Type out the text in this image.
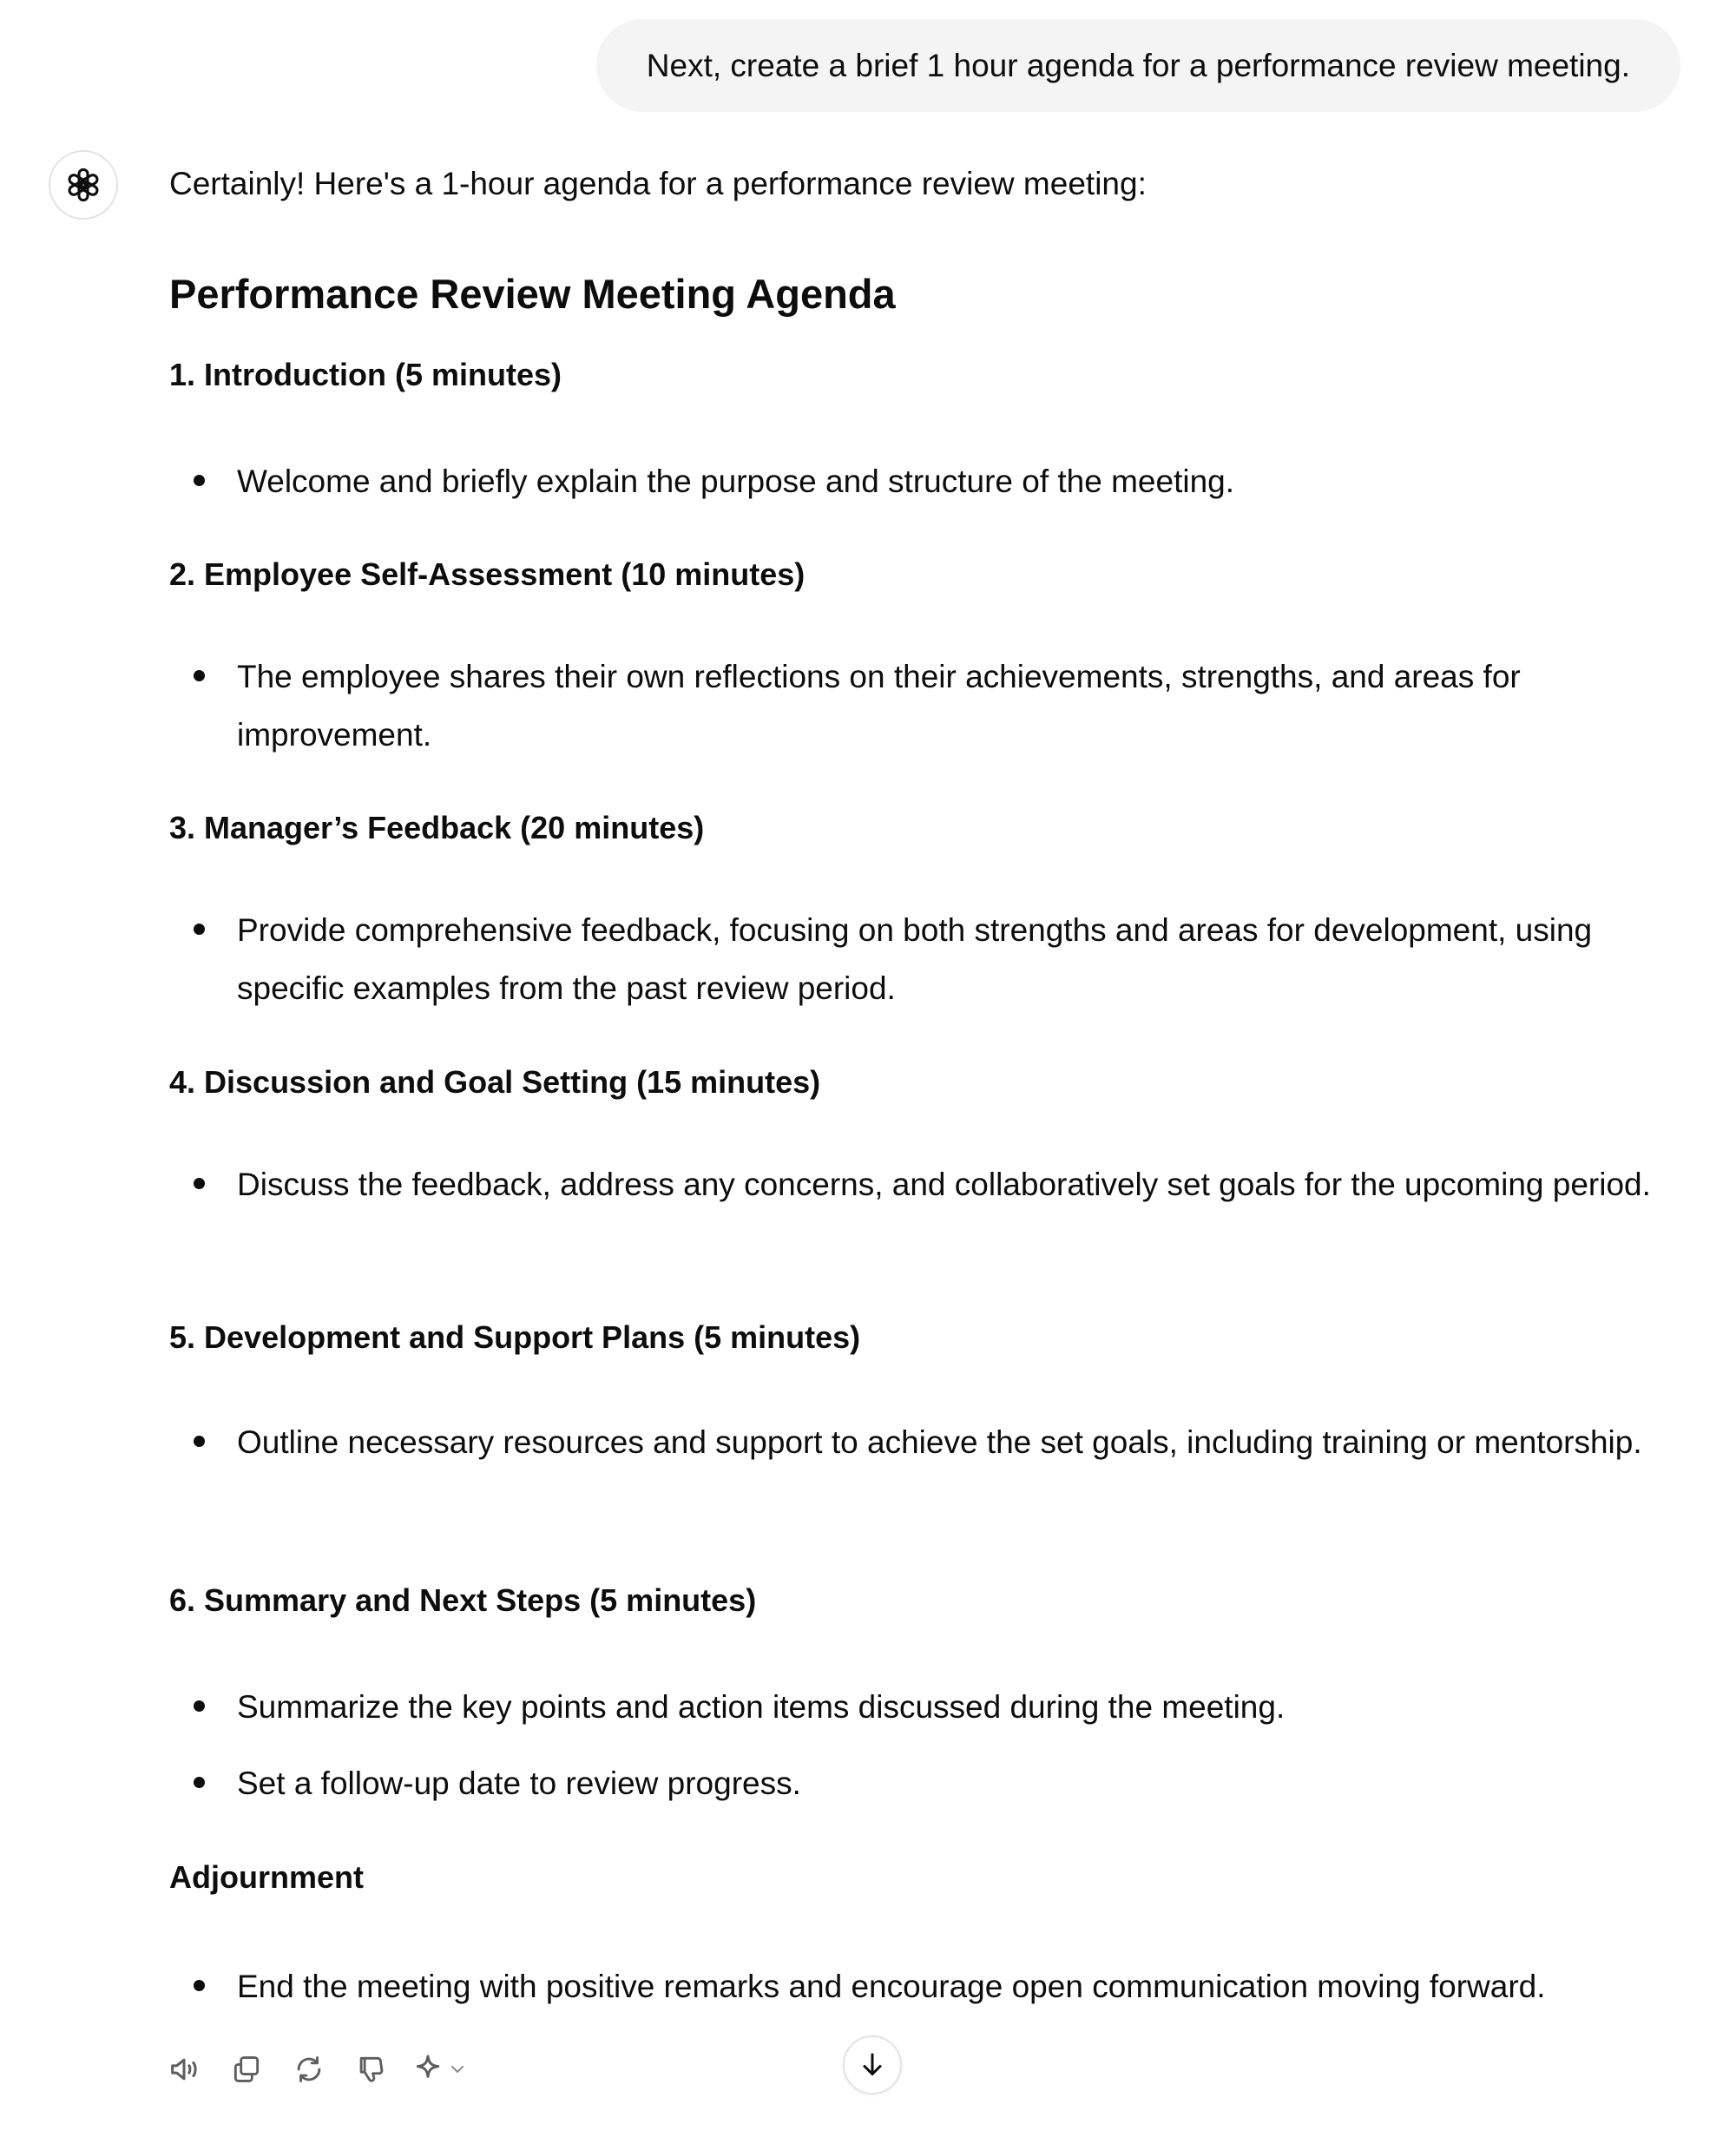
Next, create a brief 1 hour agenda for a performance review meeting.
Certainly! Here's a 1-hour agenda for a performance review meeting:
Performance Review Meeting Agenda
1. Introduction (5 minutes)
Welcome and briefly explain the purpose and structure of the meeting.
2. Employee Self-Assessment (10 minutes)
The employee shares their own reflections on their achievements, strengths, and areas for improvement.
3. Manager’s Feedback (20 minutes)
Provide comprehensive feedback, focusing on both strengths and areas for development, using specific examples from the past review period.
4. Discussion and Goal Setting (15 minutes)
Discuss the feedback, address any concerns, and collaboratively set goals for the upcoming period.
5. Development and Support Plans (5 minutes)
Outline necessary resources and support to achieve the set goals, including training or mentorship.
6. Summary and Next Steps (5 minutes)
Summarize the key points and action items discussed during the meeting.
Set a follow-up date to review progress.
Adjournment
End the meeting with positive remarks and encourage open communication moving forward.
